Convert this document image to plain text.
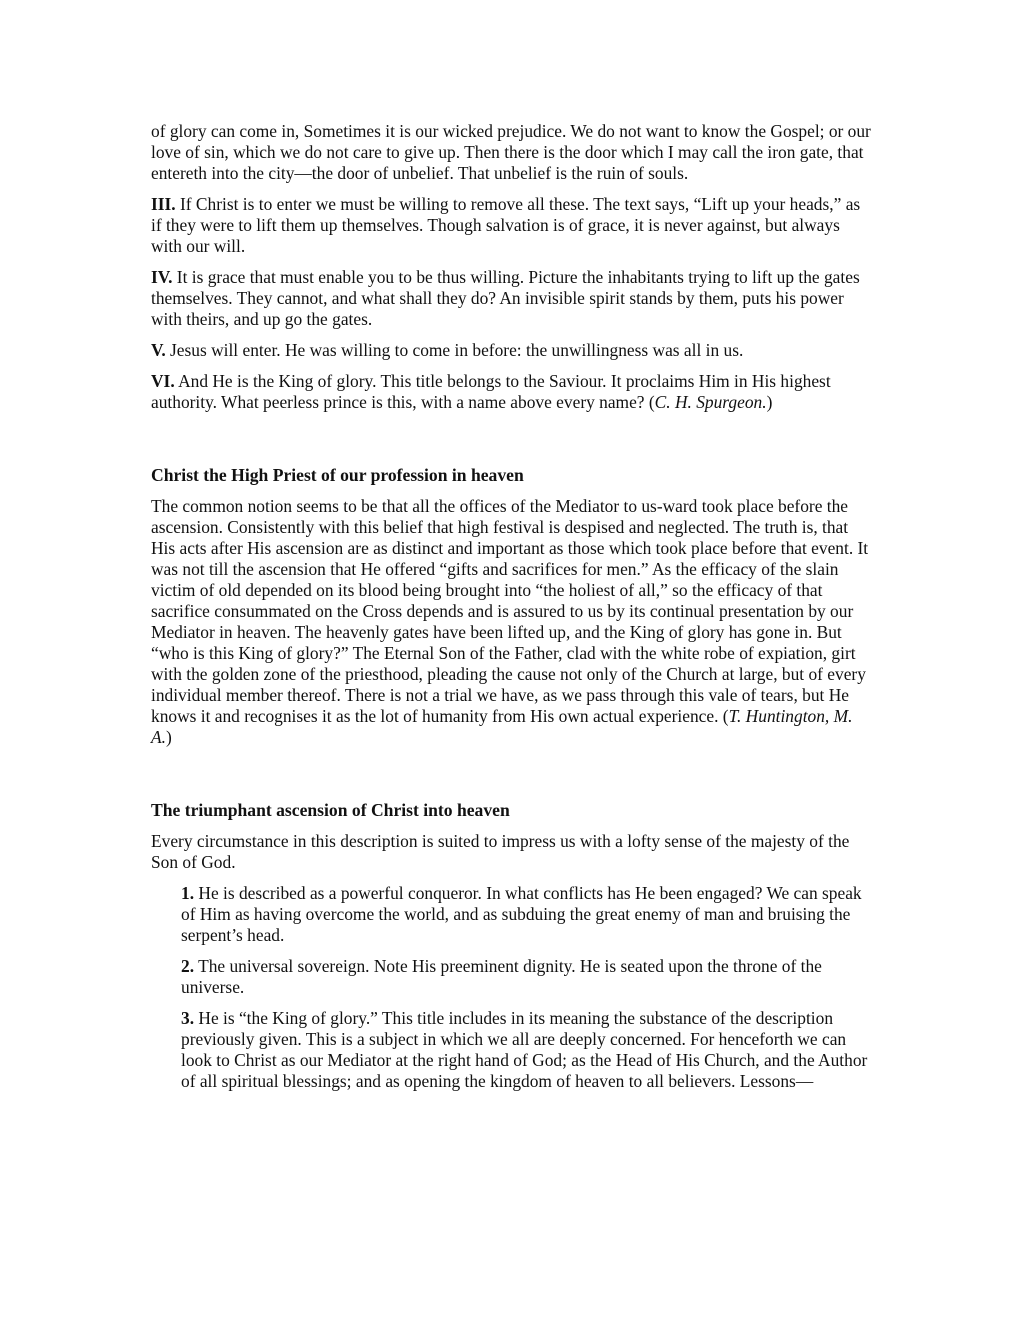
of glory can come in, Sometimes it is our wicked prejudice. We do not want to know the Gospel; or our love of sin, which we do not care to give up. Then there is the door which I may call the iron gate, that entereth into the city—the door of unbelief. That unbelief is the ruin of souls.

III. If Christ is to enter we must be willing to remove all these. The text says, “Lift up your heads,” as if they were to lift them up themselves. Though salvation is of grace, it is never against, but always with our will.

IV. It is grace that must enable you to be thus willing. Picture the inhabitants trying to lift up the gates themselves. They cannot, and what shall they do? An invisible spirit stands by them, puts his power with theirs, and up go the gates.

V. Jesus will enter. He was willing to come in before: the unwillingness was all in us.

VI. And He is the King of glory. This title belongs to the Saviour. It proclaims Him in His highest authority. What peerless prince is this, with a name above every name? (C. H. Spurgeon.)

Christ the High Priest of our profession in heaven

The common notion seems to be that all the offices of the Mediator to us-ward took place before the ascension. Consistently with this belief that high festival is despised and neglected. The truth is, that His acts after His ascension are as distinct and important as those which took place before that event. It was not till the ascension that He offered “gifts and sacrifices for men.” As the efficacy of the slain victim of old depended on its blood being brought into “the holiest of all,” so the efficacy of that sacrifice consummated on the Cross depends and is assured to us by its continual presentation by our Mediator in heaven. The heavenly gates have been lifted up, and the King of glory has gone in. But “who is this King of glory?” The Eternal Son of the Father, clad with the white robe of expiation, girt with the golden zone of the priesthood, pleading the cause not only of the Church at large, but of every individual member thereof. There is not a trial we have, as we pass through this vale of tears, but He knows it and recognises it as the lot of humanity from His own actual experience. (T. Huntington, M. A.)

The triumphant ascension of Christ into heaven

Every circumstance in this description is suited to impress us with a lofty sense of the majesty of the Son of God.

1. He is described as a powerful conqueror. In what conflicts has He been engaged? We can speak of Him as having overcome the world, and as subduing the great enemy of man and bruising the serpent’s head.

2. The universal sovereign. Note His preeminent dignity. He is seated upon the throne of the universe.

3. He is “the King of glory.” This title includes in its meaning the substance of the description previously given. This is a subject in which we all are deeply concerned. For henceforth we can look to Christ as our Mediator at the right hand of God; as the Head of His Church, and the Author of all spiritual blessings; and as opening the kingdom of heaven to all believers. Lessons—
